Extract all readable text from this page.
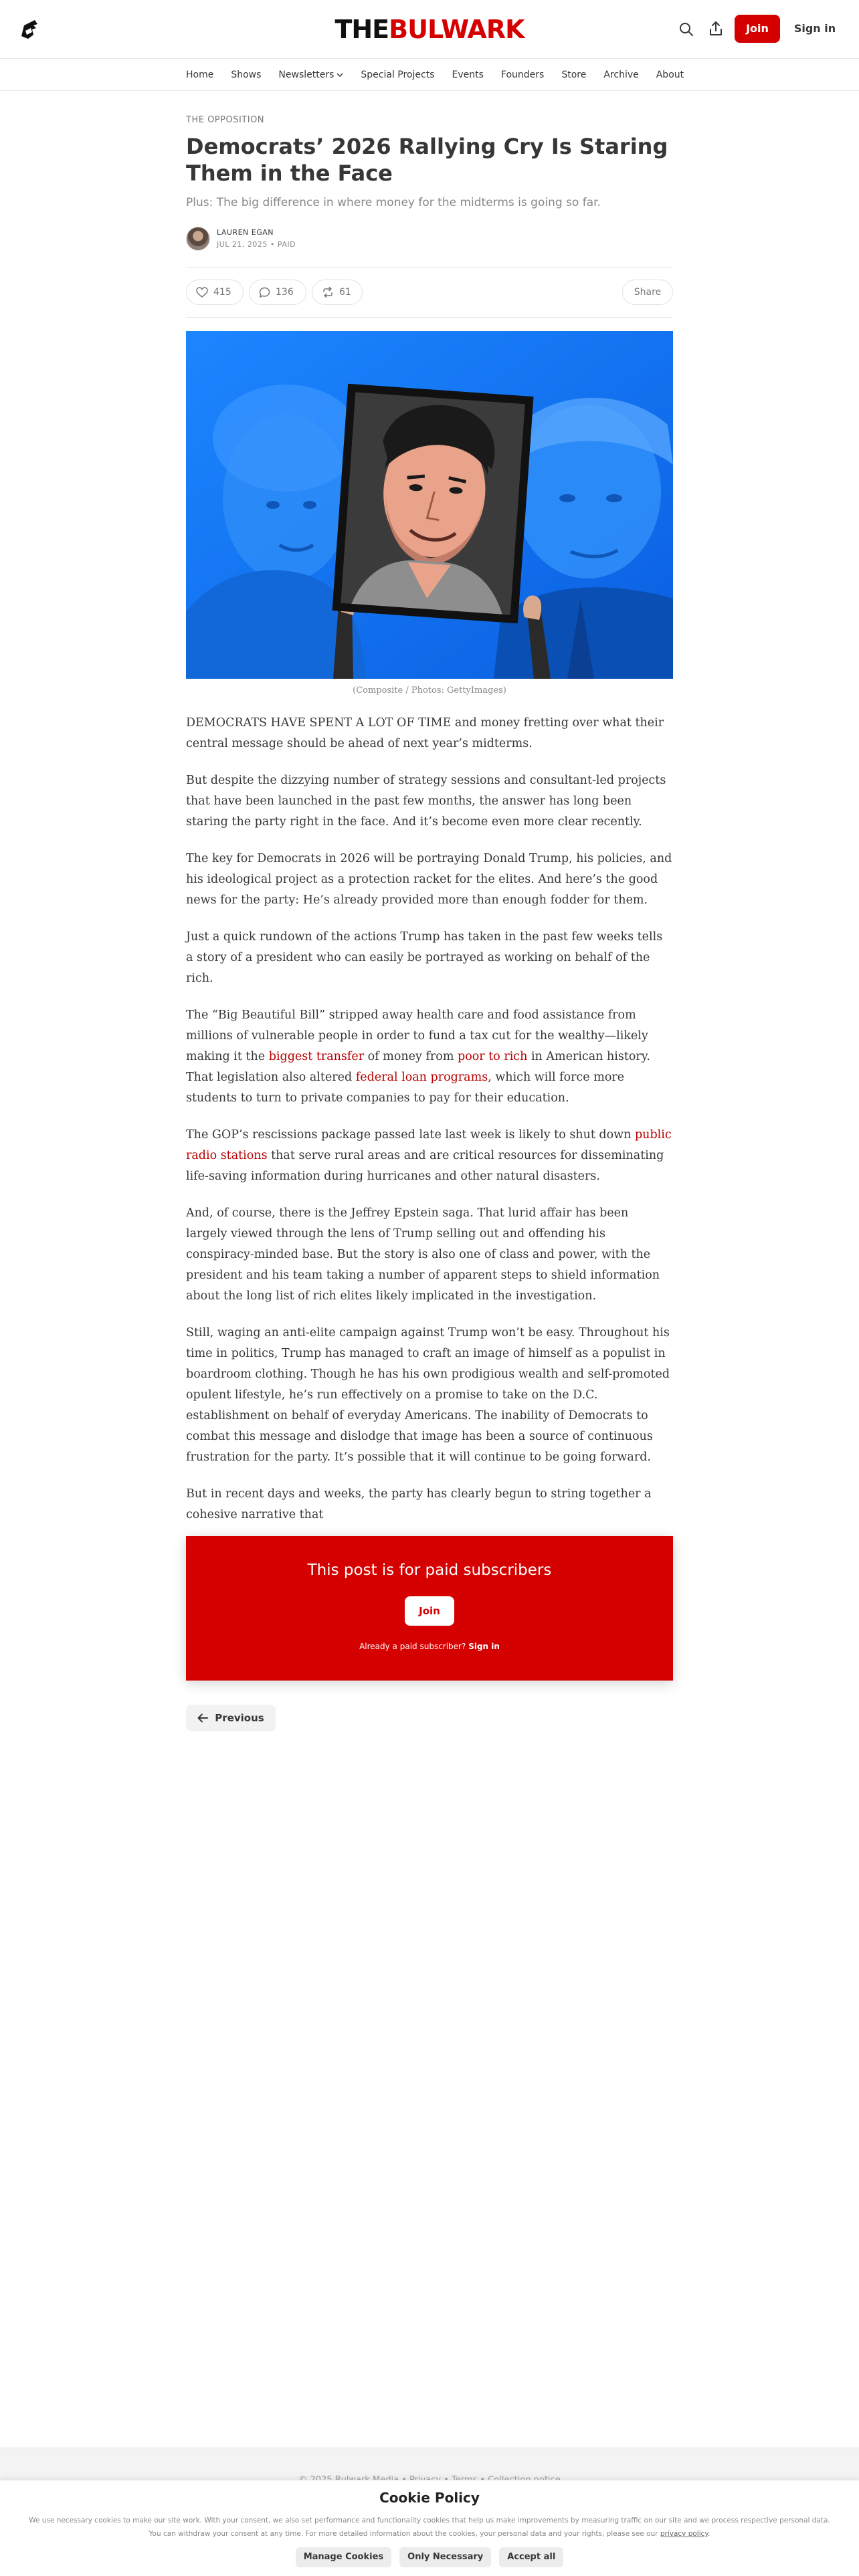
THEBULWARK	Join	Sign in
Home Shows Newsletters	Special Projects Events Founders Store Archive About
THE OPPOSITION
Democrats’ 2026 Rallying Cry Is Staring Them in the Face
Plus: The big difference in where money for the midterms is going so far.
LAUREN EGAN
JUL 21, 2025 • PAID
415	136	61	Share
(Composite / Photos: GettyImages)

DEMOCRATS HAVE SPENT A LOT OF TIME and money fretting over what their central message should be ahead of next year’s midterms.

But despite the dizzying number of strategy sessions and consultant-led projects that have been launched in the past few months, the answer has long been staring the party right in the face. And it’s become even more clear recently.

The key for Democrats in 2026 will be portraying Donald Trump, his policies, and his ideological project as a protection racket for the elites. And here’s the good news for the party: He’s already provided more than enough fodder for them.

Just a quick rundown of the actions Trump has taken in the past few weeks tells a story of a president who can easily be portrayed as working on behalf of the rich.

The “Big Beautiful Bill” stripped away health care and food assistance from millions of vulnerable people in order to fund a tax cut for the wealthy—likely making it the biggest transfer of money from poor to rich in American history. That legislation also altered federal loan programs, which will force more students to turn to private companies to pay for their education.

The GOP’s rescissions package passed late last week is likely to shut down public radio stations that serve rural areas and are critical resources for disseminating life-saving information during hurricanes and other natural disasters.

And, of course, there is the Jeffrey Epstein saga. That lurid affair has been largely viewed through the lens of Trump selling out and offending his conspiracy-minded base. But the story is also one of class and power, with the president and his team taking a number of apparent steps to shield information about the long list of rich elites likely implicated in the investigation.

Still, waging an anti-elite campaign against Trump won’t be easy. Throughout his time in politics, Trump has managed to craft an image of himself as a populist in boardroom clothing. Though he has his own prodigious wealth and self-promoted opulent lifestyle, he’s run effectively on a promise to take on the D.C. establishment on behalf of everyday Americans. The inability of Democrats to combat this message and dislodge that image has been a source of continuous frustration for the party. It’s possible that it will continue to be going forward.

But in recent days and weeks, the party has clearly begun to string together a cohesive narrative that

This post is for paid subscribers
Join
Already a paid subscriber? Sign in
Previous
Cookie Policy
We use necessary cookies to make our site work. With your consent, we also set performance and functionality cookies that help us make improvements by measuring traffic on our site and we process respective personal data.
You can withdraw your consent at any time. For more detailed information about the cookies, your personal data and your rights, please see our privacy policy.
Manage Cookies	Only Necessary	Accept all
